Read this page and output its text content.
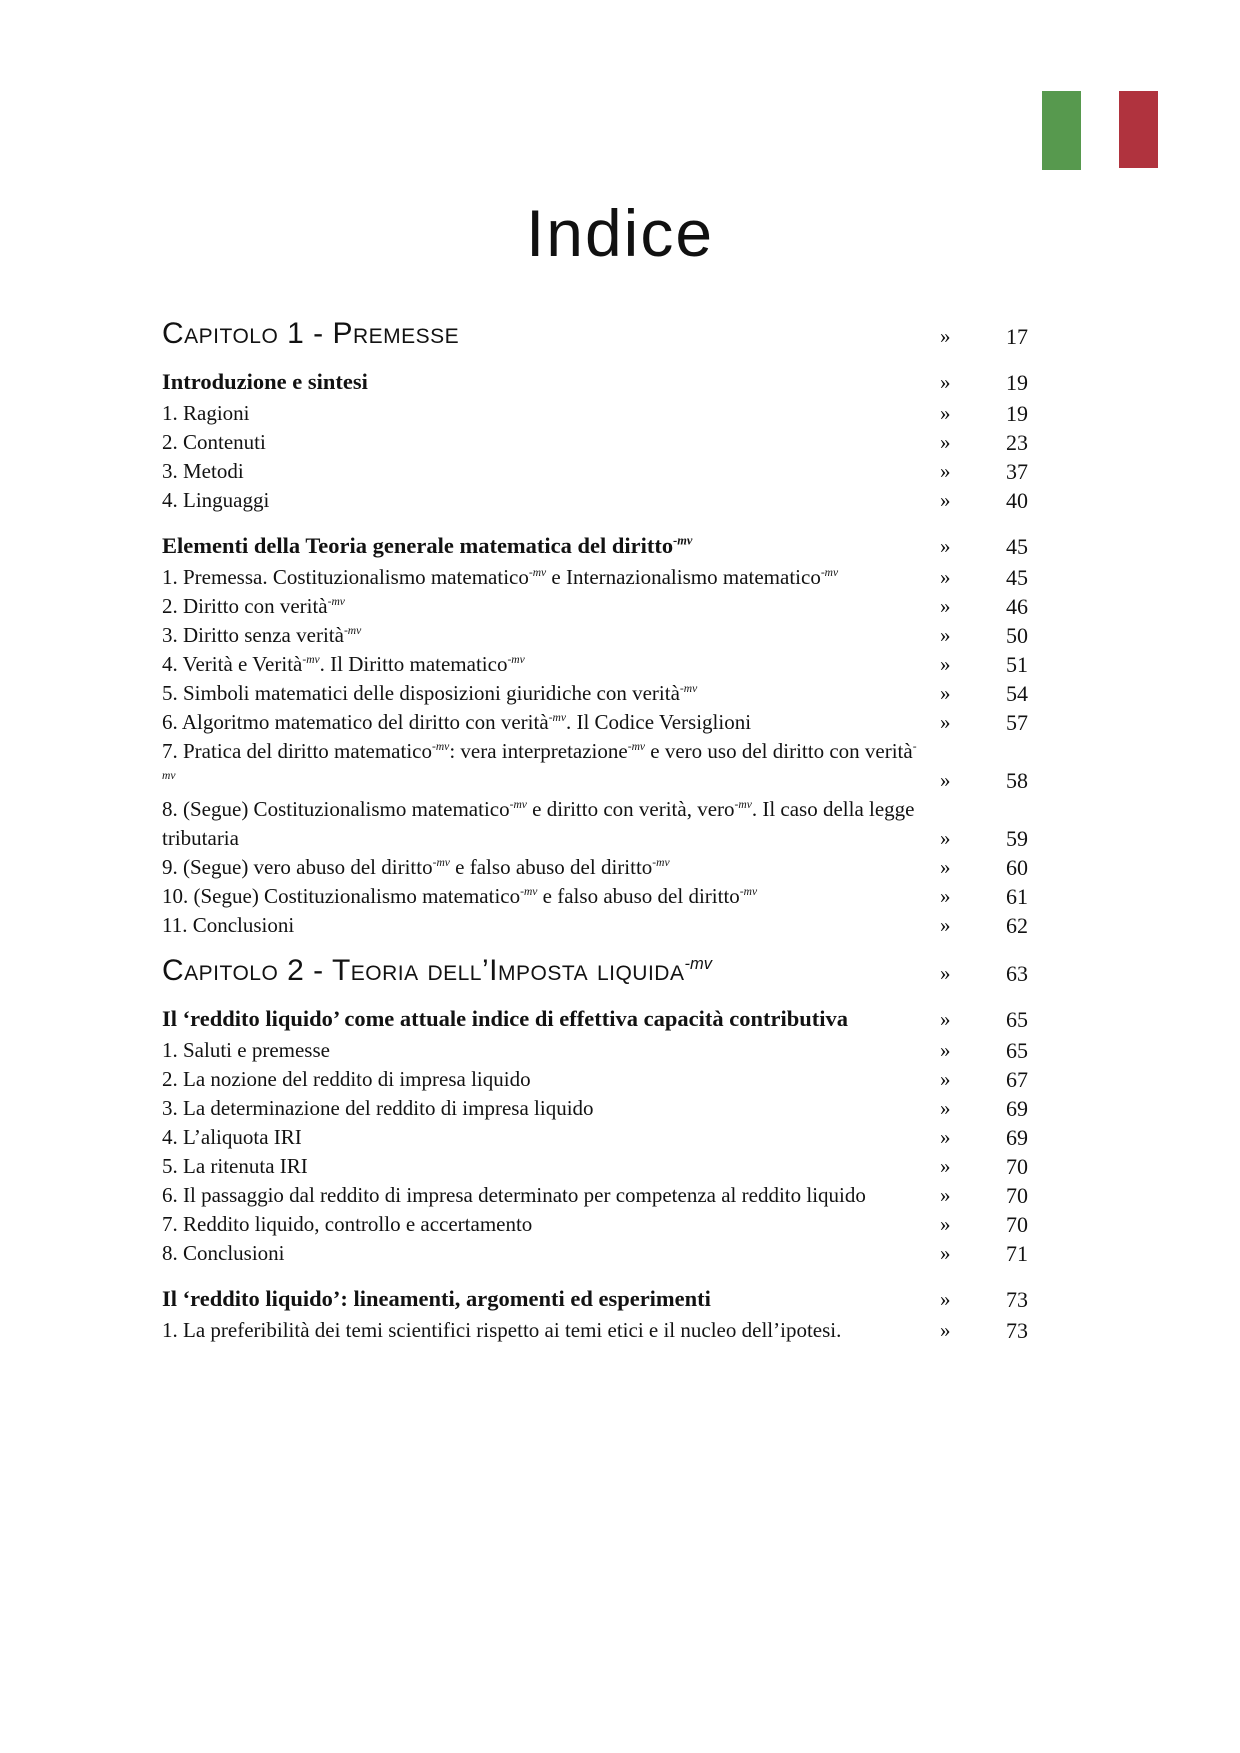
Indice
Capitolo 1 - Premesse	»	17
Introduzione e sintesi	»	19
1. Ragioni	»	19
2. Contenuti	»	23
3. Metodi	»	37
4. Linguaggi	»	40
Elementi della Teoria generale matematica del diritto$^{-mv}$	»	45
1. Premessa. Costituzionalismo matematico$^{-mv}$ e Internazionalismo matematico$^{-mv}$	»	45
2. Diritto con verità$^{-mv}$	»	46
3. Diritto senza verità$^{-mv}$	»	50
4. Verità e Verità$^{-mv}$. Il Diritto matematico$^{-mv}$	»	51
5. Simboli matematici delle disposizioni giuridiche con verità$^{-mv}$	»	54
6. Algoritmo matematico del diritto con verità$^{-mv}$. Il Codice Versiglioni	»	57
7. Pratica del diritto matematico$^{-mv}$: vera interpretazione$^{-mv}$ e vero uso del diritto con verità$^{-mv}$	»	58
8. (Segue) Costituzionalismo matematico$^{-mv}$ e diritto con verità, vero$^{-mv}$. Il caso della legge tributaria	»	59
9. (Segue) vero abuso del diritto$^{-mv}$ e falso abuso del diritto$^{-mv}$	»	60
10. (Segue) Costituzionalismo matematico$^{-mv}$ e falso abuso del diritto$^{-mv}$	»	61
11. Conclusioni	»	62
Capitolo 2 - Teoria dell’Imposta liquida$^{-mv}$	»	63
Il ‘reddito liquido’ come attuale indice di effettiva capacità contributiva	»	65
1. Saluti e premesse	»	65
2. La nozione del reddito di impresa liquido	»	67
3. La determinazione del reddito di impresa liquido	»	69
4. L’aliquota IRI	»	69
5. La ritenuta IRI	»	70
6. Il passaggio dal reddito di impresa determinato per competenza al reddito liquido	»	70
7. Reddito liquido, controllo e accertamento	»	70
8. Conclusioni	»	71
Il ‘reddito liquido’: lineamenti, argomenti ed esperimenti	»	73
1. La preferibilità dei temi scientifici rispetto ai temi etici e il nucleo dell’ipotesi.	»	73
